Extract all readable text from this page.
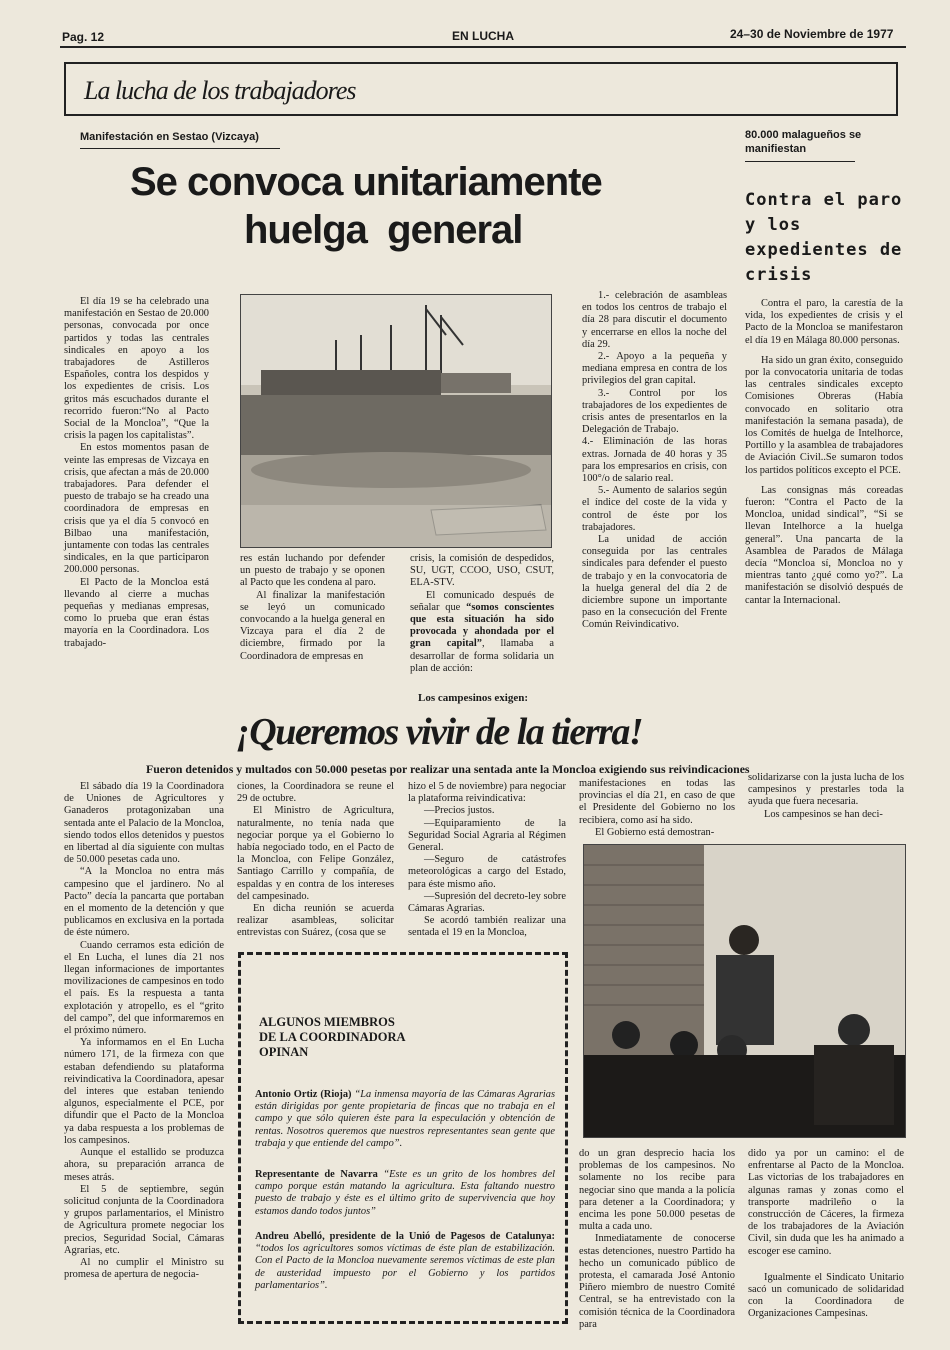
Pag. 12	EN LUCHA	24–30 de Noviembre de 1977
La lucha de los trabajadores
Manifestación en Sestao (Vizcaya)
Se convoca unitariamente
huelga  general

El día 19 se ha celebrado una manifestación en Sestao de 20.000 personas, convocada por once partidos y todas las centrales sindicales en apoyo a los trabajadores de Astilleros Españoles, contra los despidos y los expedientes de crisis. Los gritos más escuchados durante el recorrido fueron:“No al Pacto Social de la Moncloa”, “Que la crisis la pagen los capitalistas”.

En estos momentos pasan de veinte las empresas de Vizcaya en crisis, que afectan a más de 20.000 trabajadores. Para defender el puesto de trabajo se ha creado una coordinadora de empresas en crisis que ya el día 5 convocó en Bilbao una manifestación, juntamente con todas las centrales sindicales, en la que participaron 200.000 personas.

El Pacto de la Moncloa está llevando al cierre a muchas pequeñas y medianas empresas, como lo prueba que eran éstas mayoría en la Coordinadora. Los trabajado-

res están luchando por defender un puesto de trabajo y se oponen al Pacto que les condena al paro.

Al finalizar la manifestación se leyó un comunicado convocando a la huelga general en Vizcaya para el día 2 de diciembre, firmado por la Coordinadora de empresas en

crisis, la comisión de despedidos, SU, UGT, CCOO, USO, CSUT, ELA-STV.

El comunicado después de señalar que “somos conscientes que esta situación ha sido provocada y ahondada por el gran capital”, llamaba a desarrollar de forma solidaria un plan de acción:

1.- celebración de asambleas en todos los centros de trabajo el día 28 para discutir el documento y encerrarse en ellos la noche del día 29.

2.- Apoyo a la pequeña y mediana empresa en contra de los privilegios del gran capital.

3.- Control por los trabajadores de los expedientes de crisis antes de presentarlos en la Delegación de Trabajo.

4.- Eliminación de las horas extras. Jornada de 40 horas y 35 para los empresarios en crisis, con 100°/o de salario real.

5.- Aumento de salarios según el índice del coste de la vida y control de éste por los trabajadores.

La unidad de acción conseguida por las centrales sindicales para defender el puesto de trabajo y en la convocatoria de la huelga general del día 2 de diciembre supone un importante paso en la consecución del Frente Común Reivindicativo.

80.000 malagueños se manifiestan
Contra el paro y los expedientes de crisis

Contra el paro, la carestía de la vida, los expedientes de crisis y el Pacto de la Moncloa se manifestaron el día 19 en Málaga 80.000 personas.

Ha sido un gran éxito, conseguido por la convocatoria unitaria de todas las centrales sindicales excepto Comisiones Obreras (Había convocado en solitario otra manifestación la semana pasada), de los Comités de huelga de Intelhorce, Portillo y la asamblea de trabajadores de Aviación Civil..Se sumaron todos los partidos políticos excepto el PCE.

Las consignas más coreadas fueron: “Contra el Pacto de la Moncloa, unidad sindical”, “Si se llevan Intelhorce a la huelga general”. Una pancarta de la Asamblea de Parados de Málaga decía “Moncloa sí, Moncloa no y mientras tanto ¿qué como yo?”. La manifestación se disolvió después de cantar la Internacional.

Los campesinos exigen:
¡Queremos vivir de la tierra!
Fueron detenidos y multados con 50.000 pesetas por realizar una sentada ante la Moncloa exigiendo sus reivindicaciones

El sábado día 19 la Coordinadora de Uniones de Agricultores y Ganaderos protagonizaban una sentada ante el Palacio de la Moncloa, siendo todos ellos detenidos y puestos en libertad al día siguiente con multas de 50.000 pesetas cada uno.

“A la Moncloa no entra más campesino que el jardinero. No al Pacto” decía la pancarta que portaban en el momento de la detención y que publicamos en exclusiva en la portada de éste número.

Cuando cerramos esta edición de el En Lucha, el lunes día 21 nos llegan informaciones de importantes movilizaciones de campesinos en todo el país. Es la respuesta a tanta explotación y atropello, es el “grito del campo”, del que informaremos en el próximo número.

Ya informamos en el En Lucha número 171, de la firmeza con que estaban defendiendo su plataforma reivindicativa la Coordinadora, apesar del interes que estaban teniendo algunos, especialmente el PCE, por difundir que el Pacto de la Moncloa ya daba respuesta a los problemas de los campesinos.

Aunque el estallido se produzca ahora, su preparación arranca de meses atrás.

El 5 de septiembre, según solicitud conjunta de la Coordinadora y grupos parlamentarios, el Ministro de Agricultura promete negociar los precios, Seguridad Social, Cámaras Agrarias, etc.

Al no cumplir el Ministro su promesa de apertura de negocia-

ciones, la Coordinadora se reune el 29 de octubre.

El Ministro de Agricultura, naturalmente, no tenía nada que negociar porque ya el Gobierno lo había negociado todo, en el Pacto de la Moncloa, con Felipe González, Santiago Carrillo y compañía, de espaldas y en contra de los intereses del campesinado.

En dicha reunión se acuerda realizar asambleas, solicitar entrevistas con Suárez, (cosa que se

hizo el 5 de noviembre) para negociar la plataforma reivindicativa:

—Precios justos.

—Equiparamiento de la Seguridad Social Agraria al Régimen General.

—Seguro de catástrofes meteorológicas a cargo del Estado, para éste mismo año.

—Supresión del decreto-ley sobre Cámaras Agrarias.

Se acordó también realizar una sentada el 19 en la Moncloa,

manifestaciones en todas las provincias el día 21, en caso de que el Presidente del Gobierno no los recibiera, como así ha sido.

El Gobierno está demostran-

solidarizarse con la justa lucha de los campesinos y prestarles toda la ayuda que fuera necesaria.

Los campesinos se han deci-

do un gran desprecio hacia los problemas de los campesinos. No solamente no los recibe para negociar sino que manda a la policía para detener a la Coordinadora; y encima les pone 50.000 pesetas de multa a cada uno.

Inmediatamente de conocerse estas detenciones, nuestro Partido ha hecho un comunicado público de protesta, el camarada José Antonio Piñero miembro de nuestro Comité Central, se ha entrevistado con la comisión técnica de la Coordinadora para

dido ya por un camino: el de enfrentarse al Pacto de la Moncloa. Las victorias de los trabajadores en algunas ramas y zonas como el transporte madrileño o la construcción de Cáceres, la firmeza de los trabajadores de la Aviación Civil, sin duda que les ha animado a escoger ese camino.

Igualmente el Sindicato Unitario sacó un comunicado de solidaridad con la Coordinadora de Organizaciones Campesinas.

ALGUNOS MIEMBROS
DE LA COORDINADORA
OPINAN

Antonio Ortiz (Rioja) “La inmensa mayoría de las Cámaras Agrarias están dirigidas por gente propietaria de fincas que no trabaja en el campo y que sólo quieren éste para la especulación y obtención de rentas. Nosotros queremos que nuestros representantes sean gente que trabaja y que entiende del campo”.

Representante de Navarra “Este es un grito de los hombres del campo porque están matando la agricultura. Esta faltando nuestro puesto de trabajo y éste es el último grito de supervivencia que hoy estamos dando todos juntos”

Andreu Abelló, presidente de la Unió de Pagesos de Catalunya: “todos los agricultores somos víctimas de éste plan de estabilización. Con el Pacto de la Moncloa nuevamente seremos víctimas de este plan de austeridad impuesto por el Gobierno y los partidos parlamentarios”.
